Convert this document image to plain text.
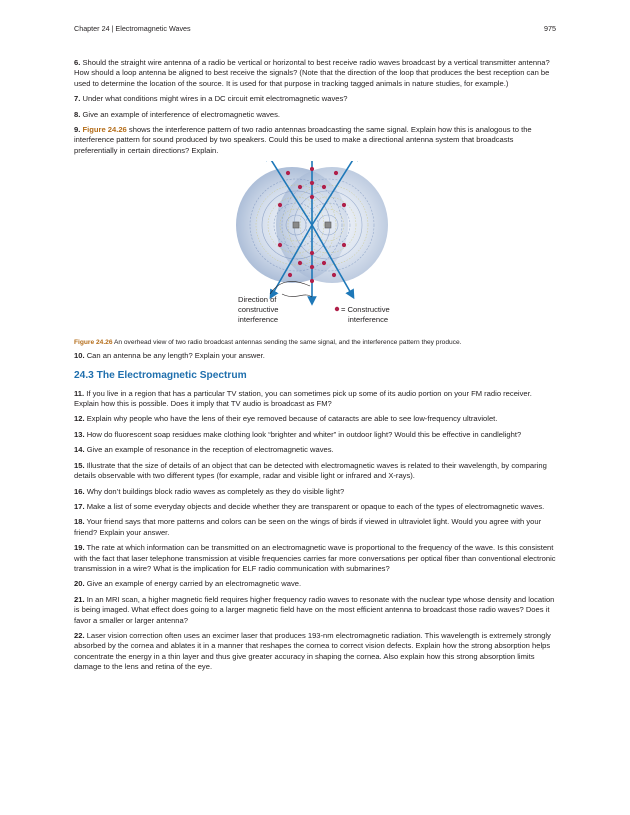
Chapter 24 | Electromagnetic Waves	975

6. Should the straight wire antenna of a radio be vertical or horizontal to best receive radio waves broadcast by a vertical transmitter antenna? How should a loop antenna be aligned to best receive the signals? (Note that the direction of the loop that produces the best reception can be used to determine the location of the source. It is used for that purpose in tracking tagged animals in nature studies, for example.)

7. Under what conditions might wires in a DC circuit emit electromagnetic waves?

8. Give an example of interference of electromagnetic waves.

9. Figure 24.26 shows the interference pattern of two radio antennas broadcasting the same signal. Explain how this is analogous to the interference pattern for sound produced by two speakers. Could this be used to make a directional antenna system that broadcasts preferentially in certain directions? Explain.

Direction of
constructive
interference
= Constructive
interference

Figure 24.26 An overhead view of two radio broadcast antennas sending the same signal, and the interference pattern they produce.

10. Can an antenna be any length? Explain your answer.

24.3 The Electromagnetic Spectrum

11. If you live in a region that has a particular TV station, you can sometimes pick up some of its audio portion on your FM radio receiver. Explain how this is possible. Does it imply that TV audio is broadcast as FM?

12. Explain why people who have the lens of their eye removed because of cataracts are able to see low-frequency ultraviolet.

13. How do fluorescent soap residues make clothing look “brighter and whiter” in outdoor light? Would this be effective in candlelight?

14. Give an example of resonance in the reception of electromagnetic waves.

15. Illustrate that the size of details of an object that can be detected with electromagnetic waves is related to their wavelength, by comparing details observable with two different types (for example, radar and visible light or infrared and X-rays).

16. Why don’t buildings block radio waves as completely as they do visible light?

17. Make a list of some everyday objects and decide whether they are transparent or opaque to each of the types of electromagnetic waves.

18. Your friend says that more patterns and colors can be seen on the wings of birds if viewed in ultraviolet light. Would you agree with your friend? Explain your answer.

19. The rate at which information can be transmitted on an electromagnetic wave is proportional to the frequency of the wave. Is this consistent with the fact that laser telephone transmission at visible frequencies carries far more conversations per optical fiber than conventional electronic transmission in a wire? What is the implication for ELF radio communication with submarines?

20. Give an example of energy carried by an electromagnetic wave.

21. In an MRI scan, a higher magnetic field requires higher frequency radio waves to resonate with the nuclear type whose density and location is being imaged. What effect does going to a larger magnetic field have on the most efficient antenna to broadcast those radio waves? Does it favor a smaller or larger antenna?

22. Laser vision correction often uses an excimer laser that produces 193-nm electromagnetic radiation. This wavelength is extremely strongly absorbed by the cornea and ablates it in a manner that reshapes the cornea to correct vision defects. Explain how the strong absorption helps concentrate the energy in a thin layer and thus give greater accuracy in shaping the cornea. Also explain how this strong absorption limits damage to the lens and retina of the eye.
